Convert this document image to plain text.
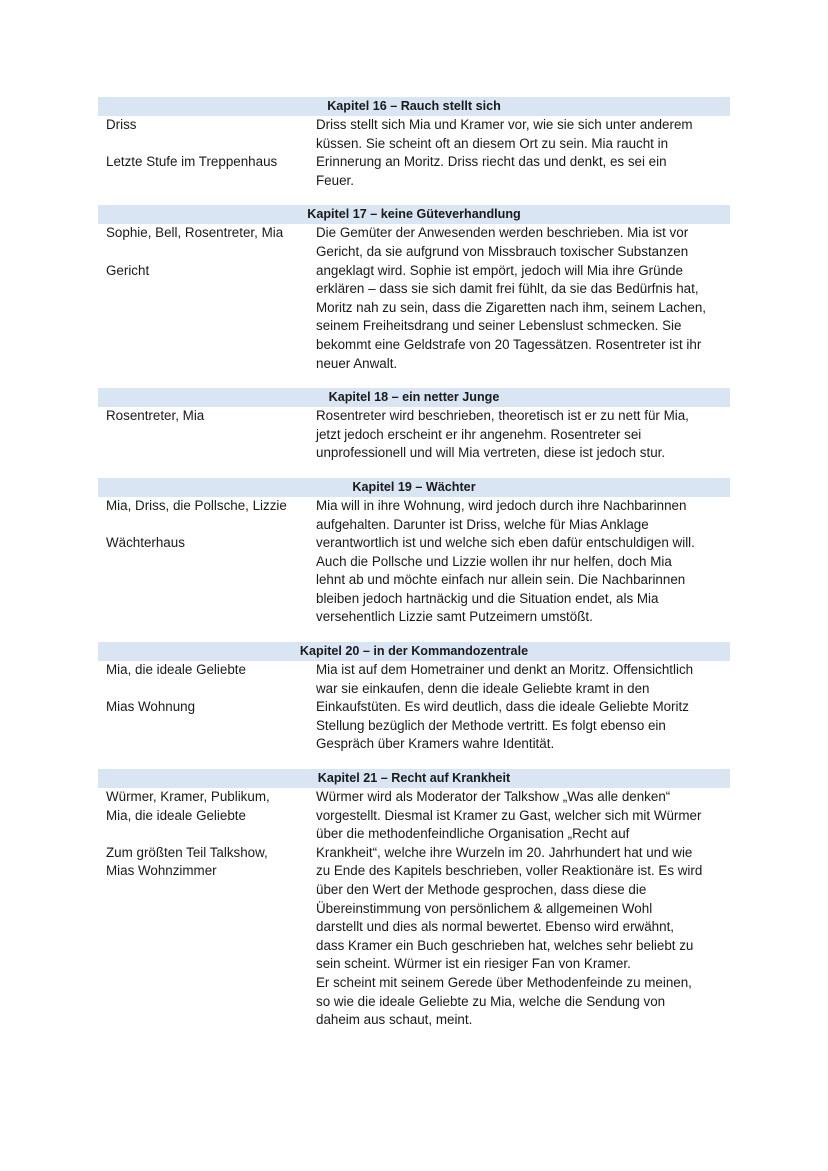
Kapitel 16 – Rauch stellt sich
Driss
Letzte Stufe im Treppenhaus
Driss stellt sich Mia und Kramer vor, wie sie sich unter anderem
küssen. Sie scheint oft an diesem Ort zu sein. Mia raucht in
Erinnerung an Moritz. Driss riecht das und denkt, es sei ein
Feuer.
Kapitel 17 – keine Güteverhandlung
Sophie, Bell, Rosentreter, Mia
Gericht
Die Gemüter der Anwesenden werden beschrieben. Mia ist vor
Gericht, da sie aufgrund von Missbrauch toxischer Substanzen
angeklagt wird. Sophie ist empört, jedoch will Mia ihre Gründe
erklären – dass sie sich damit frei fühlt, da sie das Bedürfnis hat,
Moritz nah zu sein, dass die Zigaretten nach ihm, seinem Lachen,
seinem Freiheitsdrang und seiner Lebenslust schmecken. Sie
bekommt eine Geldstrafe von 20 Tagessätzen. Rosentreter ist ihr
neuer Anwalt.
Kapitel 18 – ein netter Junge
Rosentreter, Mia	Rosentreter wird beschrieben, theoretisch ist er zu nett für Mia,
jetzt jedoch erscheint er ihr angenehm. Rosentreter sei
unprofessionell und will Mia vertreten, diese ist jedoch stur.
Kapitel 19 – Wächter
Mia, Driss, die Pollsche, Lizzie
Wächterhaus
Mia will in ihre Wohnung, wird jedoch durch ihre Nachbarinnen
aufgehalten. Darunter ist Driss, welche für Mias Anklage
verantwortlich ist und welche sich eben dafür entschuldigen will.
Auch die Pollsche und Lizzie wollen ihr nur helfen, doch Mia
lehnt ab und möchte einfach nur allein sein. Die Nachbarinnen
bleiben jedoch hartnäckig und die Situation endet, als Mia
versehentlich Lizzie samt Putzeimern umstößt.
Kapitel 20 – in der Kommandozentrale
Mia, die ideale Geliebte
Mias Wohnung
Mia ist auf dem Hometrainer und denkt an Moritz. Offensichtlich
war sie einkaufen, denn die ideale Geliebte kramt in den
Einkaufstüten. Es wird deutlich, dass die ideale Geliebte Moritz
Stellung bezüglich der Methode vertritt. Es folgt ebenso ein
Gespräch über Kramers wahre Identität.
Kapitel 21 – Recht auf Krankheit
Würmer, Kramer, Publikum,
Mia, die ideale Geliebte
Zum größten Teil Talkshow,
Mias Wohnzimmer
Würmer wird als Moderator der Talkshow „Was alle denken“
vorgestellt. Diesmal ist Kramer zu Gast, welcher sich mit Würmer
über die methodenfeindliche Organisation „Recht auf
Krankheit“, welche ihre Wurzeln im 20. Jahrhundert hat und wie
zu Ende des Kapitels beschrieben, voller Reaktionäre ist. Es wird
über den Wert der Methode gesprochen, dass diese die
Übereinstimmung von persönlichem & allgemeinen Wohl
darstellt und dies als normal bewertet. Ebenso wird erwähnt,
dass Kramer ein Buch geschrieben hat, welches sehr beliebt zu
sein scheint. Würmer ist ein riesiger Fan von Kramer.
Er scheint mit seinem Gerede über Methodenfeinde zu meinen,
so wie die ideale Geliebte zu Mia, welche die Sendung von
daheim aus schaut, meint.
